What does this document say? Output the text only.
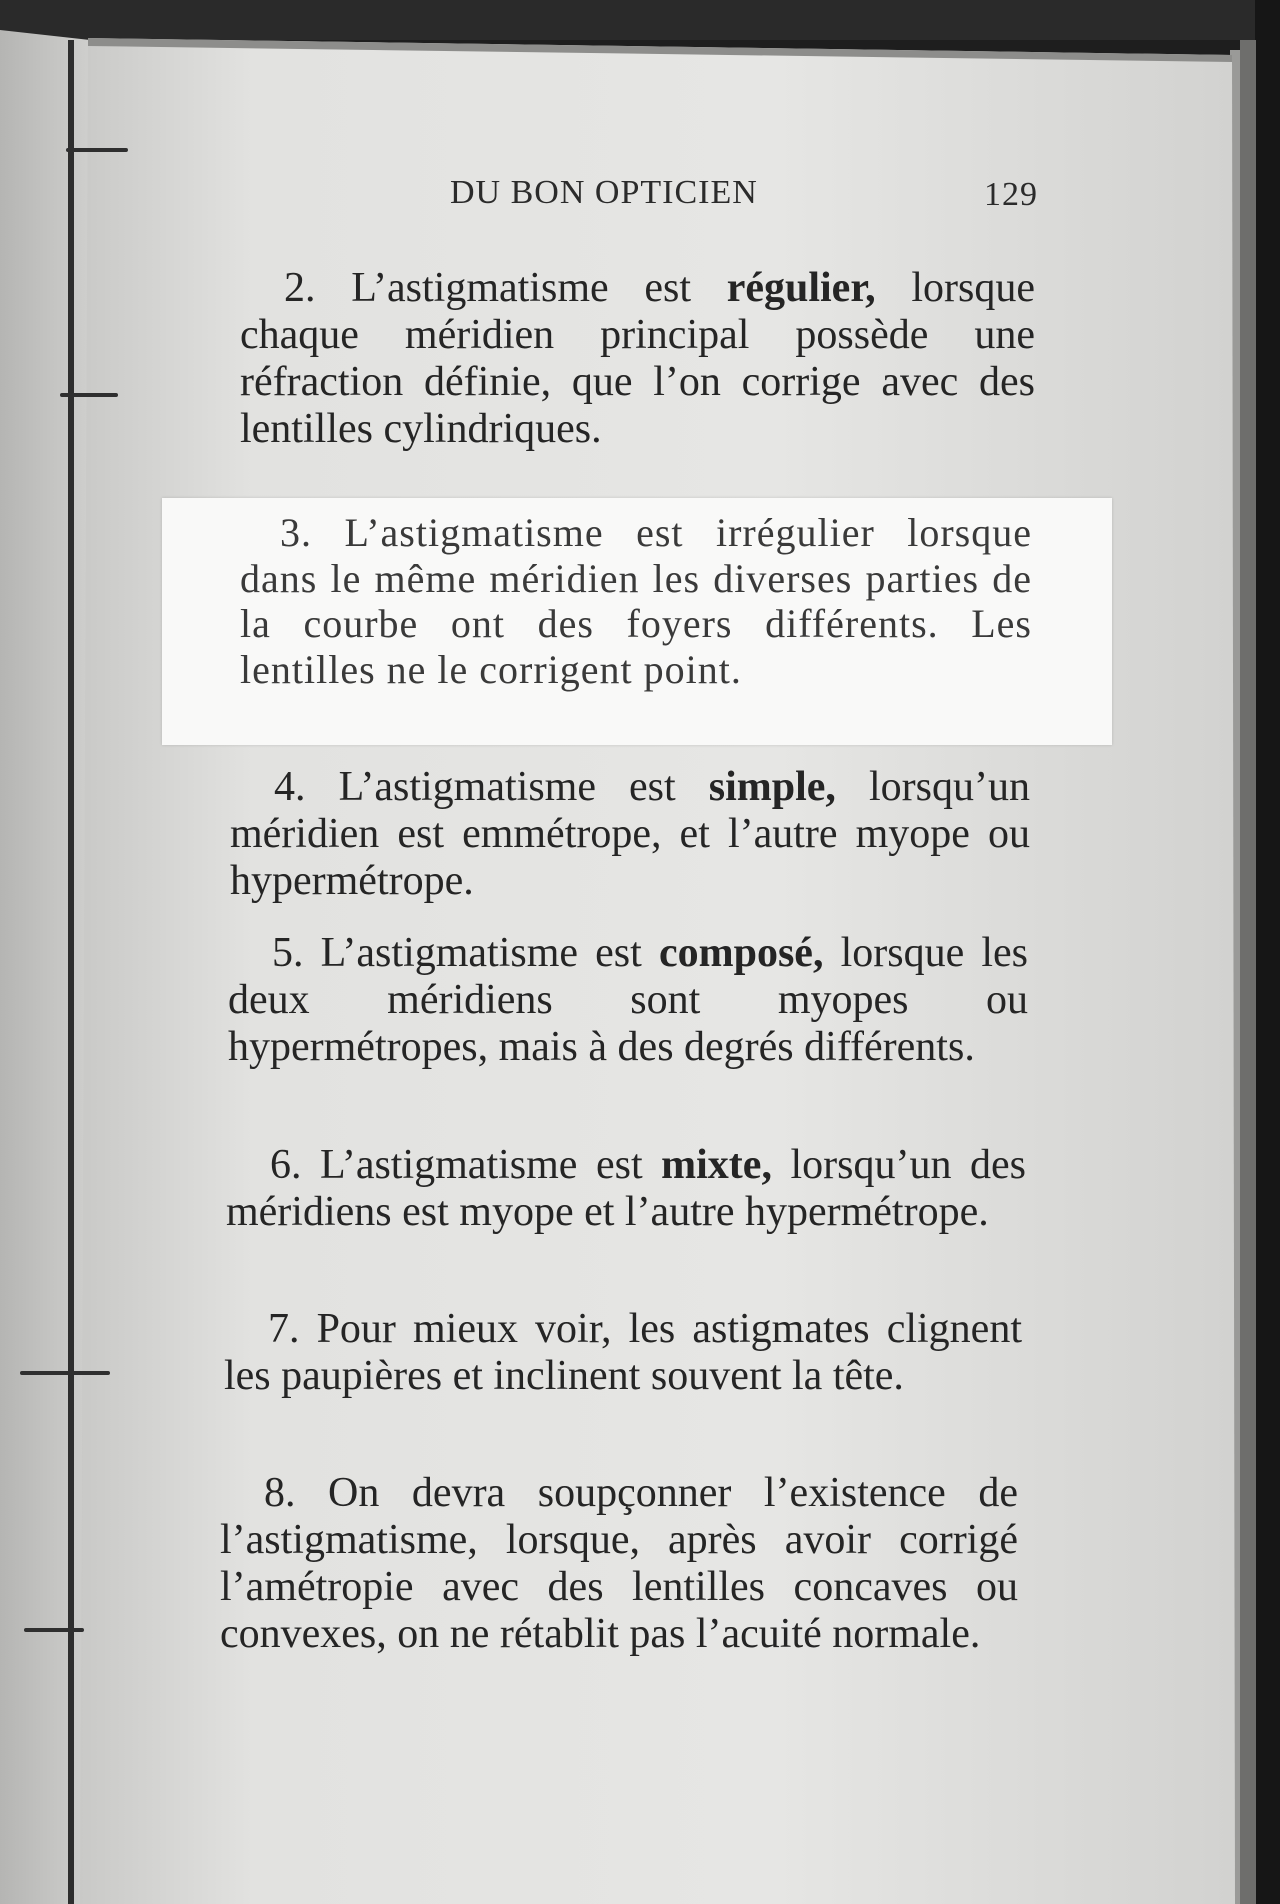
DU BON OPTICIEN	129

2. L’astigmatisme est régulier, lorsque chaque méridien principal possède une réfraction définie, que l’on corrige avec des lentilles cylindriques.

3. L’astigmatisme est irrégulier lorsque dans le même méridien les diverses parties de la courbe ont des foyers différents. Les lentilles ne le corrigent point.

4. L’astigmatisme est simple, lorsqu’un méridien est emmétrope, et l’autre myope ou hypermétrope.

5. L’astigmatisme est composé, lorsque les deux méridiens sont myopes ou hypermétropes, mais à des degrés différents.

6. L’astigmatisme est mixte, lorsqu’un des méridiens est myope et l’autre hypermétrope.

7. Pour mieux voir, les astigmates clignent les paupières et inclinent souvent la tête.

8. On devra soupçonner l’existence de l’astigmatisme, lorsque, après avoir corrigé l’amétropie avec des lentilles concaves ou convexes, on ne rétablit pas l’acuité normale.
